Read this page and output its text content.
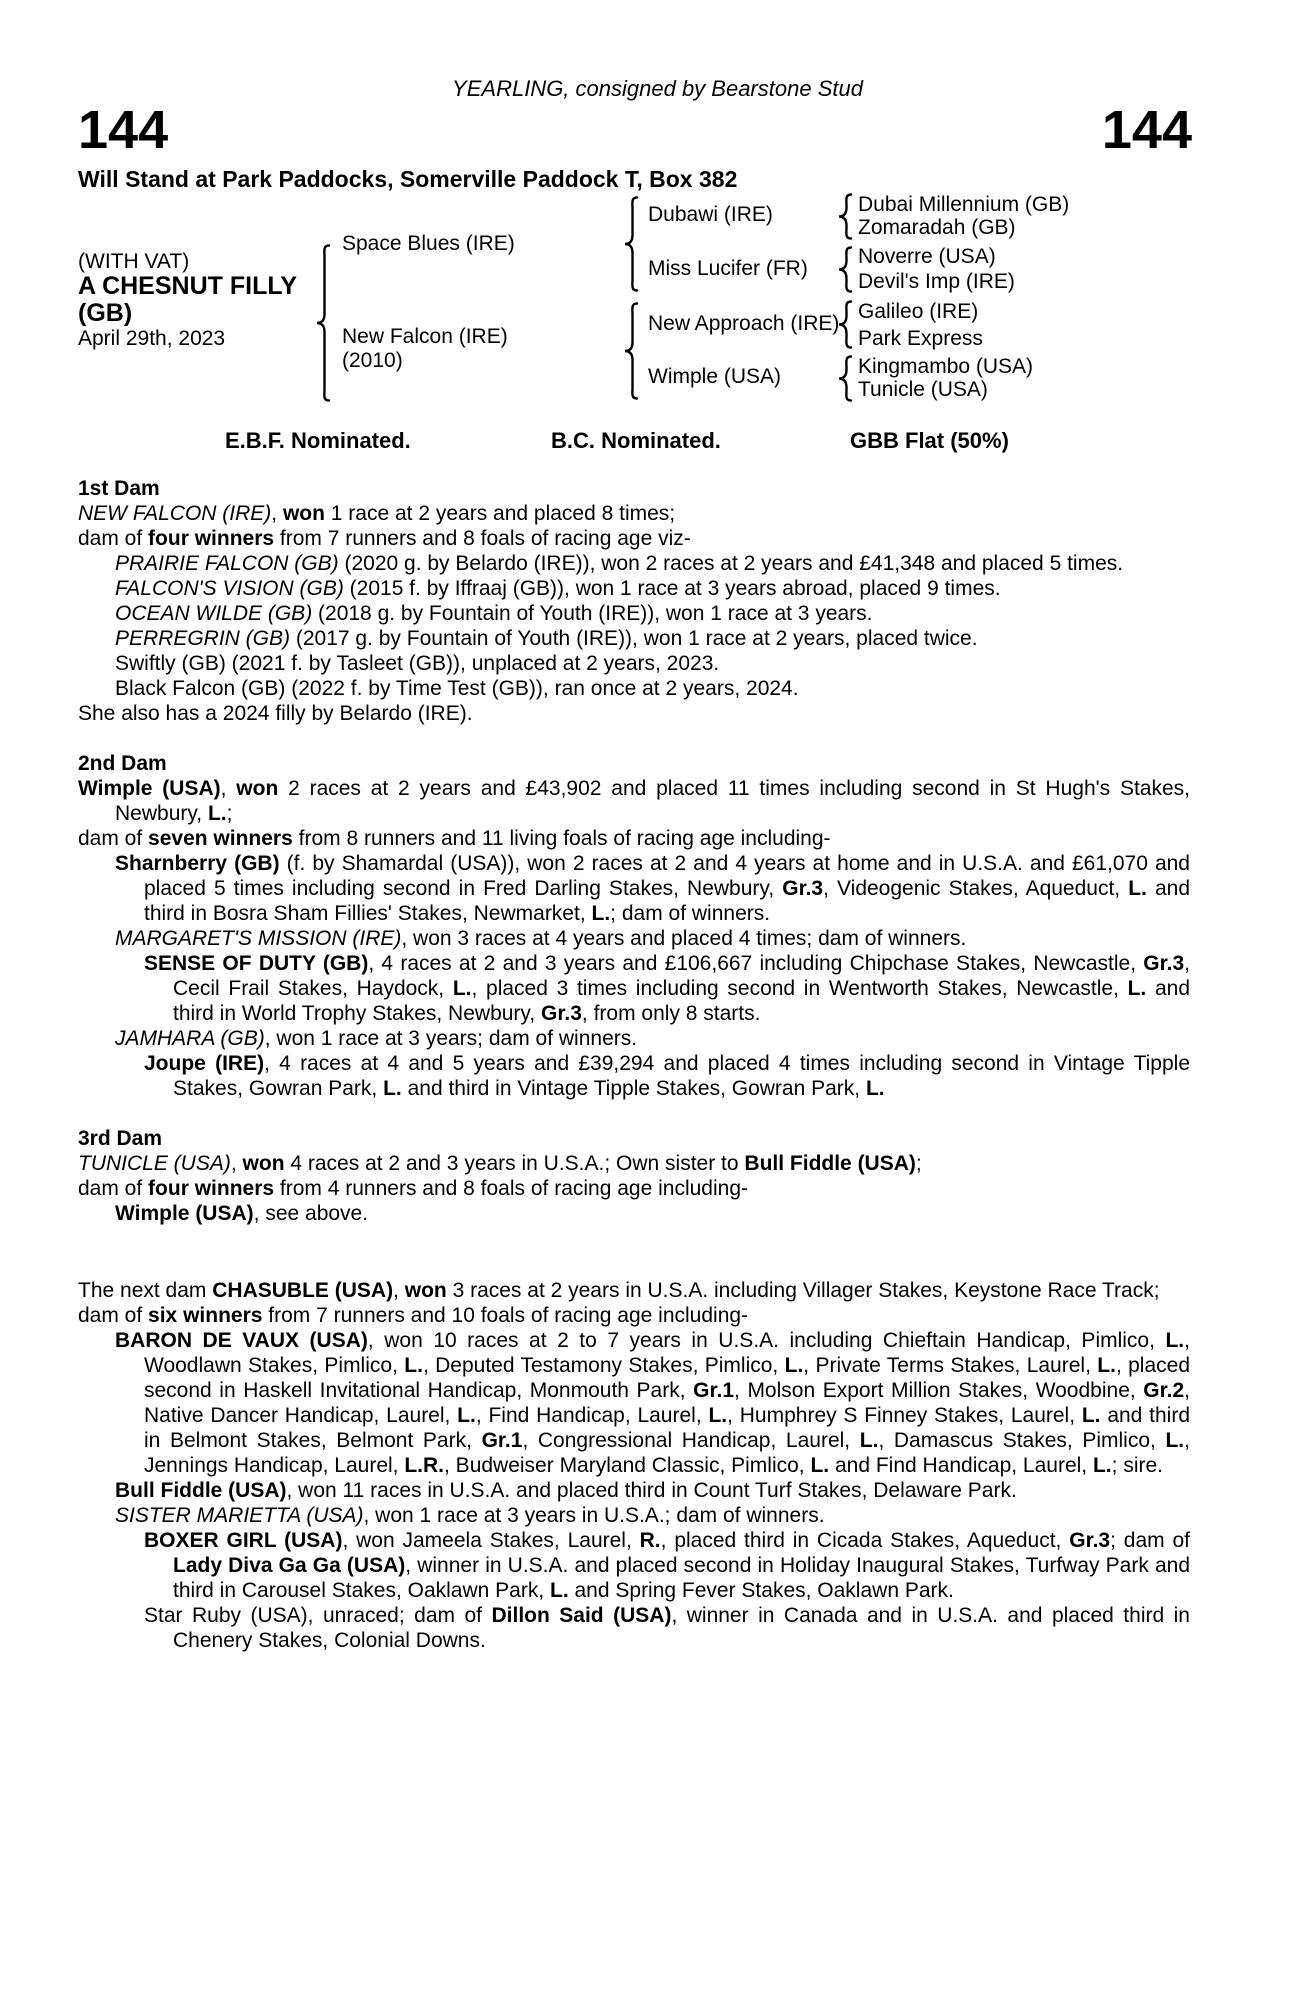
YEARLING, consigned by Bearstone Stud
144	144
Will Stand at Park Paddocks, Somerville Paddock T, Box 382
(WITH VAT)
A CHESNUT FILLY
(GB)
April 29th, 2023
Space Blues (IRE)
New Falcon (IRE)
(2010)
Dubawi (IRE)
Miss Lucifer (FR)
New Approach (IRE)
Wimple (USA)
Dubai Millennium (GB)
Zomaradah (GB)
Noverre (USA)
Devil's Imp (IRE)
Galileo (IRE)
Park Express
Kingmambo (USA)
Tunicle (USA)
E.B.F. Nominated.	B.C. Nominated.	GBB Flat (50%)
1st Dam

NEW FALCON (IRE), won 1 race at 2 years and placed 8 times;

dam of four winners from 7 runners and 8 foals of racing age viz-

PRAIRIE FALCON (GB) (2020 g. by Belardo (IRE)), won 2 races at 2 years and £41,348 and placed 5 times.

FALCON'S VISION (GB) (2015 f. by Iffraaj (GB)), won 1 race at 3 years abroad, placed 9 times.

OCEAN WILDE (GB) (2018 g. by Fountain of Youth (IRE)), won 1 race at 3 years.

PERREGRIN (GB) (2017 g. by Fountain of Youth (IRE)), won 1 race at 2 years, placed twice.

Swiftly (GB) (2021 f. by Tasleet (GB)), unplaced at 2 years, 2023.

Black Falcon (GB) (2022 f. by Time Test (GB)), ran once at 2 years, 2024.

She also has a 2024 filly by Belardo (IRE).

2nd Dam

Wimple (USA), won 2 races at 2 years and £43,902 and placed 11 times including second in St Hugh's Stakes, Newbury, L.;

dam of seven winners from 8 runners and 11 living foals of racing age including-

Sharnberry (GB) (f. by Shamardal (USA)), won 2 races at 2 and 4 years at home and in U.S.A. and £61,070 and placed 5 times including second in Fred Darling Stakes, Newbury, Gr.3, Videogenic Stakes, Aqueduct, L. and third in Bosra Sham Fillies' Stakes, Newmarket, L.; dam of winners.

MARGARET'S MISSION (IRE), won 3 races at 4 years and placed 4 times; dam of winners.

SENSE OF DUTY (GB), 4 races at 2 and 3 years and £106,667 including Chipchase Stakes, Newcastle, Gr.3, Cecil Frail Stakes, Haydock, L., placed 3 times including second in Wentworth Stakes, Newcastle, L. and third in World Trophy Stakes, Newbury, Gr.3, from only 8 starts.

JAMHARA (GB), won 1 race at 3 years; dam of winners.

Joupe (IRE), 4 races at 4 and 5 years and £39,294 and placed 4 times including second in Vintage Tipple Stakes, Gowran Park, L. and third in Vintage Tipple Stakes, Gowran Park, L.

3rd Dam

TUNICLE (USA), won 4 races at 2 and 3 years in U.S.A.; Own sister to Bull Fiddle (USA);

dam of four winners from 4 runners and 8 foals of racing age including-

Wimple (USA), see above.

The next dam CHASUBLE (USA), won 3 races at 2 years in U.S.A. including Villager Stakes, Keystone Race Track;

dam of six winners from 7 runners and 10 foals of racing age including-

BARON DE VAUX (USA), won 10 races at 2 to 7 years in U.S.A. including Chieftain Handicap, Pimlico, L., Woodlawn Stakes, Pimlico, L., Deputed Testamony Stakes, Pimlico, L., Private Terms Stakes, Laurel, L., placed second in Haskell Invitational Handicap, Monmouth Park, Gr.1, Molson Export Million Stakes, Woodbine, Gr.2, Native Dancer Handicap, Laurel, L., Find Handicap, Laurel, L., Humphrey S Finney Stakes, Laurel, L. and third in Belmont Stakes, Belmont Park, Gr.1, Congressional Handicap, Laurel, L., Damascus Stakes, Pimlico, L., Jennings Handicap, Laurel, L.R., Budweiser Maryland Classic, Pimlico, L. and Find Handicap, Laurel, L.; sire.

Bull Fiddle (USA), won 11 races in U.S.A. and placed third in Count Turf Stakes, Delaware Park.

SISTER MARIETTA (USA), won 1 race at 3 years in U.S.A.; dam of winners.

BOXER GIRL (USA), won Jameela Stakes, Laurel, R., placed third in Cicada Stakes, Aqueduct, Gr.3; dam of Lady Diva Ga Ga (USA), winner in U.S.A. and placed second in Holiday Inaugural Stakes, Turfway Park and third in Carousel Stakes, Oaklawn Park, L. and Spring Fever Stakes, Oaklawn Park.

Star Ruby (USA), unraced; dam of Dillon Said (USA), winner in Canada and in U.S.A. and placed third in Chenery Stakes, Colonial Downs.
